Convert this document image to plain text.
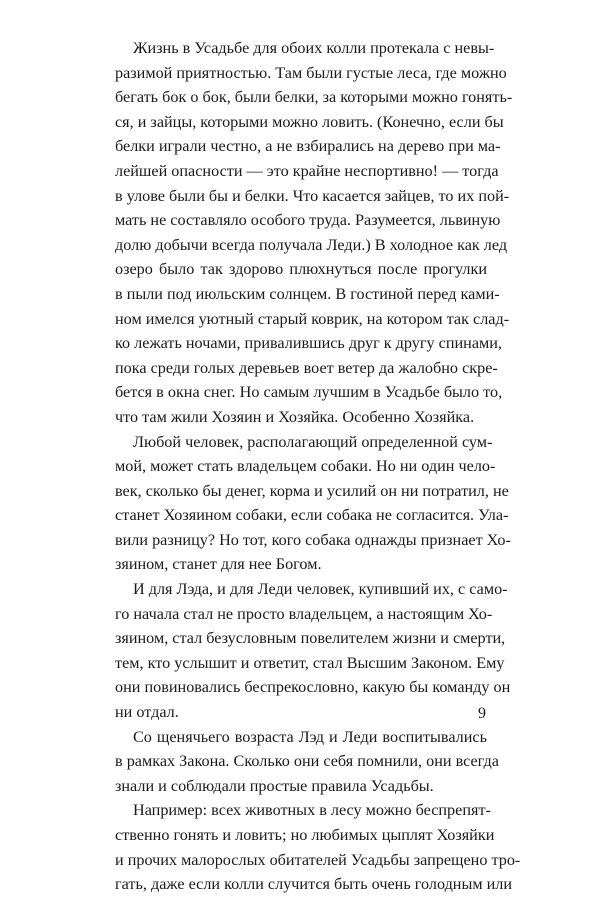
Жизнь в Усадьбе для обоих колли протекала с невы-
разимой приятностью. Там были густые леса, где можно
бегать бок о бок, были белки, за которыми можно гонять-
ся, и зайцы, которыми можно ловить. (Конечно, если бы
белки играли честно, а не взбирались на дерево при ма-
лейшей опасности — это крайне неспортивно! — тогда
в улове были бы и белки. Что касается зайцев, то их пой-
мать не составляло особого труда. Разумеется, львиную
долю добычи всегда получала Леди.) В холодное как лед
озеро было так здорово плюхнуться после прогулки
в пыли под июльским солнцем. В гостиной перед ками-
ном имелся уютный старый коврик, на котором так слад-
ко лежать ночами, привалившись друг к другу спинами,
пока среди голых деревьев воет ветер да жалобно скре-
бется в окна снег. Но самым лучшим в Усадьбе было то,
что там жили Хозяин и Хозяйка. Особенно Хозяйка.
Любой человек, располагающий определенной сум-
мой, может стать владельцем собаки. Но ни один чело-
век, сколько бы денег, корма и усилий он ни потратил, не
станет Хозяином собаки, если собака не согласится. Ула-
вили разницу? Но тот, кого собака однажды признает Хо-
зяином, станет для нее Богом.
И для Лэда, и для Леди человек, купивший их, с само-
го начала стал не просто владельцем, а настоящим Хо-
зяином, стал безусловным повелителем жизни и смерти,
тем, кто услышит и ответит, стал Высшим Законом. Ему
они повиновались беспрекословно, какую бы команду он
ни отдал.
Со щенячьего возраста Лэд и Леди воспитывались
в рамках Закона. Сколько они себя помнили, они всегда
знали и соблюдали простые правила Усадьбы.
Например: всех животных в лесу можно беспрепят-
ственно гонять и ловить; но любимых цыплят Хозяйки
и прочих малорослых обитателей Усадьбы запрещено тро-
гать, даже если колли случится быть очень голодным или
9
